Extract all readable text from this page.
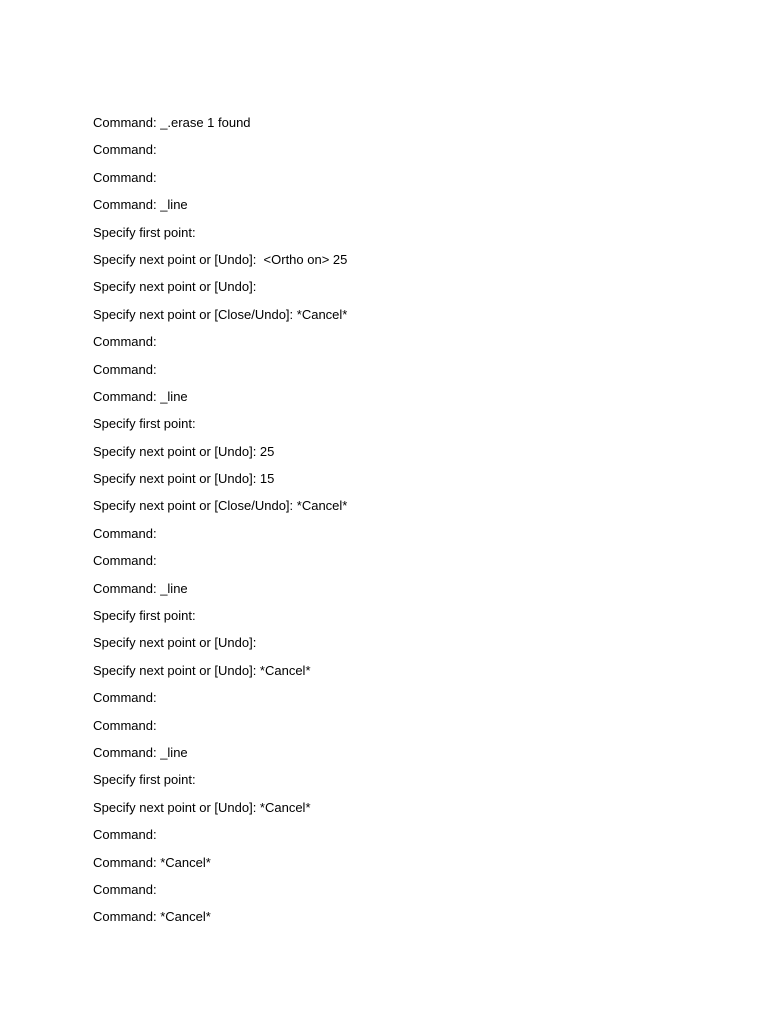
Command: _.erase 1 found
Command:
Command:
Command: _line
Specify first point:
Specify next point or [Undo]:  <Ortho on> 25
Specify next point or [Undo]:
Specify next point or [Close/Undo]: *Cancel*
Command:
Command:
Command: _line
Specify first point:
Specify next point or [Undo]: 25
Specify next point or [Undo]: 15
Specify next point or [Close/Undo]: *Cancel*
Command:
Command:
Command: _line
Specify first point:
Specify next point or [Undo]:
Specify next point or [Undo]: *Cancel*
Command:
Command:
Command: _line
Specify first point:
Specify next point or [Undo]: *Cancel*
Command:
Command: *Cancel*
Command:
Command: *Cancel*
